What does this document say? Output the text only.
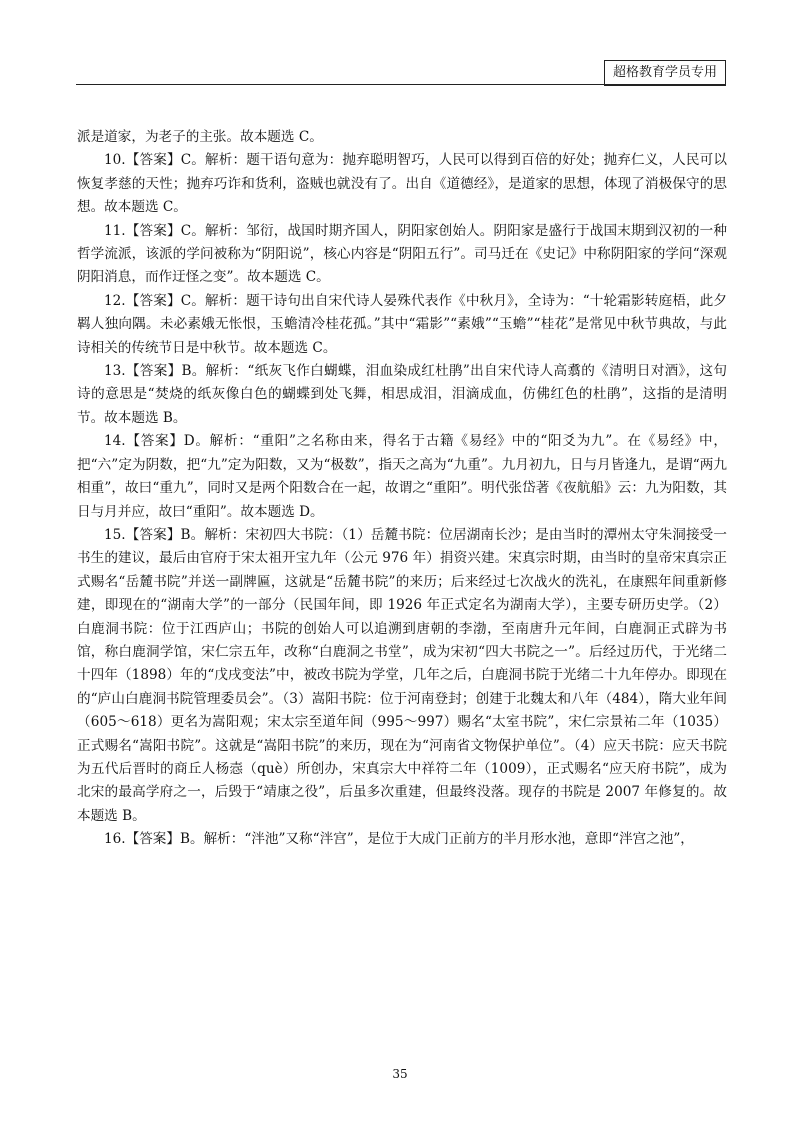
超格教育学员专用

派是道家，为老子的主张。故本题选 C。

10.【答案】C。解析：题干语句意为：抛弃聪明智巧，人民可以得到百倍的好处；抛弃仁义，人民可以恢复孝慈的天性；抛弃巧诈和货利，盗贼也就没有了。出自《道德经》，是道家的思想，体现了消极保守的思想。故本题选 C。

11.【答案】C。解析：邹衍，战国时期齐国人，阴阳家创始人。阴阳家是盛行于战国末期到汉初的一种哲学流派，该派的学问被称为“阴阳说”，核心内容是“阴阳五行”。司马迁在《史记》中称阴阳家的学问“深观阴阳消息，而作迂怪之变”。故本题选 C。

12.【答案】C。解析：题干诗句出自宋代诗人晏殊代表作《中秋月》，全诗为：“十轮霜影转庭梧，此夕羁人独向隅。未必素娥无怅恨，玉蟾清冷桂花孤。”其中“霜影”“素娥”“玉蟾”“桂花”是常见中秋节典故，与此诗相关的传统节日是中秋节。故本题选 C。

13.【答案】B。解析：“纸灰飞作白蝴蝶，泪血染成红杜鹃”出自宋代诗人高翥的《清明日对酒》，这句诗的意思是“焚烧的纸灰像白色的蝴蝶到处飞舞，相思成泪，泪滴成血，仿佛红色的杜鹃”，这指的是清明节。故本题选 B。

14.【答案】D。解析：“重阳”之名称由来，得名于古籍《易经》中的“阳爻为九”。在《易经》中，把“六”定为阴数，把“九”定为阳数，又为“极数”，指天之高为“九重”。九月初九，日与月皆逢九，是谓“两九相重”，故曰“重九”，同时又是两个阳数合在一起，故谓之“重阳”。明代张岱著《夜航船》云：九为阳数，其日与月并应，故曰“重阳”。故本题选 D。

15.【答案】B。解析：宋初四大书院：（1）岳麓书院：位居湖南长沙；是由当时的潭州太守朱洞接受一书生的建议，最后由官府于宋太祖开宝九年（公元 976 年）捐资兴建。宋真宗时期，由当时的皇帝宋真宗正式赐名“岳麓书院”并送一副牌匾，这就是“岳麓书院”的来历；后来经过七次战火的洗礼，在康熙年间重新修建，即现在的“湖南大学”的一部分（民国年间，即 1926 年正式定名为湖南大学），主要专研历史学。（2）白鹿洞书院：位于江西庐山；书院的创始人可以追溯到唐朝的李渤，至南唐升元年间，白鹿洞正式辟为书馆，称白鹿洞学馆，宋仁宗五年，改称“白鹿洞之书堂”，成为宋初“四大书院之一”。后经过历代，于光绪二十四年（1898）年的“戊戌变法”中，被改书院为学堂，几年之后，白鹿洞书院于光绪二十九年停办。即现在的“庐山白鹿洞书院管理委员会”。（3）嵩阳书院：位于河南登封；创建于北魏太和八年（484），隋大业年间（605～618）更名为嵩阳观；宋太宗至道年间（995～997）赐名“太室书院”，宋仁宗景祐二年（1035）正式赐名“嵩阳书院”。这就是“嵩阳书院”的来历，现在为“河南省文物保护单位”。（4）应天书院：应天书院为五代后晋时的商丘人杨悫（què）所创办，宋真宗大中祥符二年（1009），正式赐名“应天府书院”，成为北宋的最高学府之一，后毁于“靖康之役”，后虽多次重建，但最终没落。现存的书院是 2007 年修复的。故本题选 B。

16.【答案】B。解析：“泮池”又称“泮宫”，是位于大成门正前方的半月形水池，意即“泮宫之池”，

35
